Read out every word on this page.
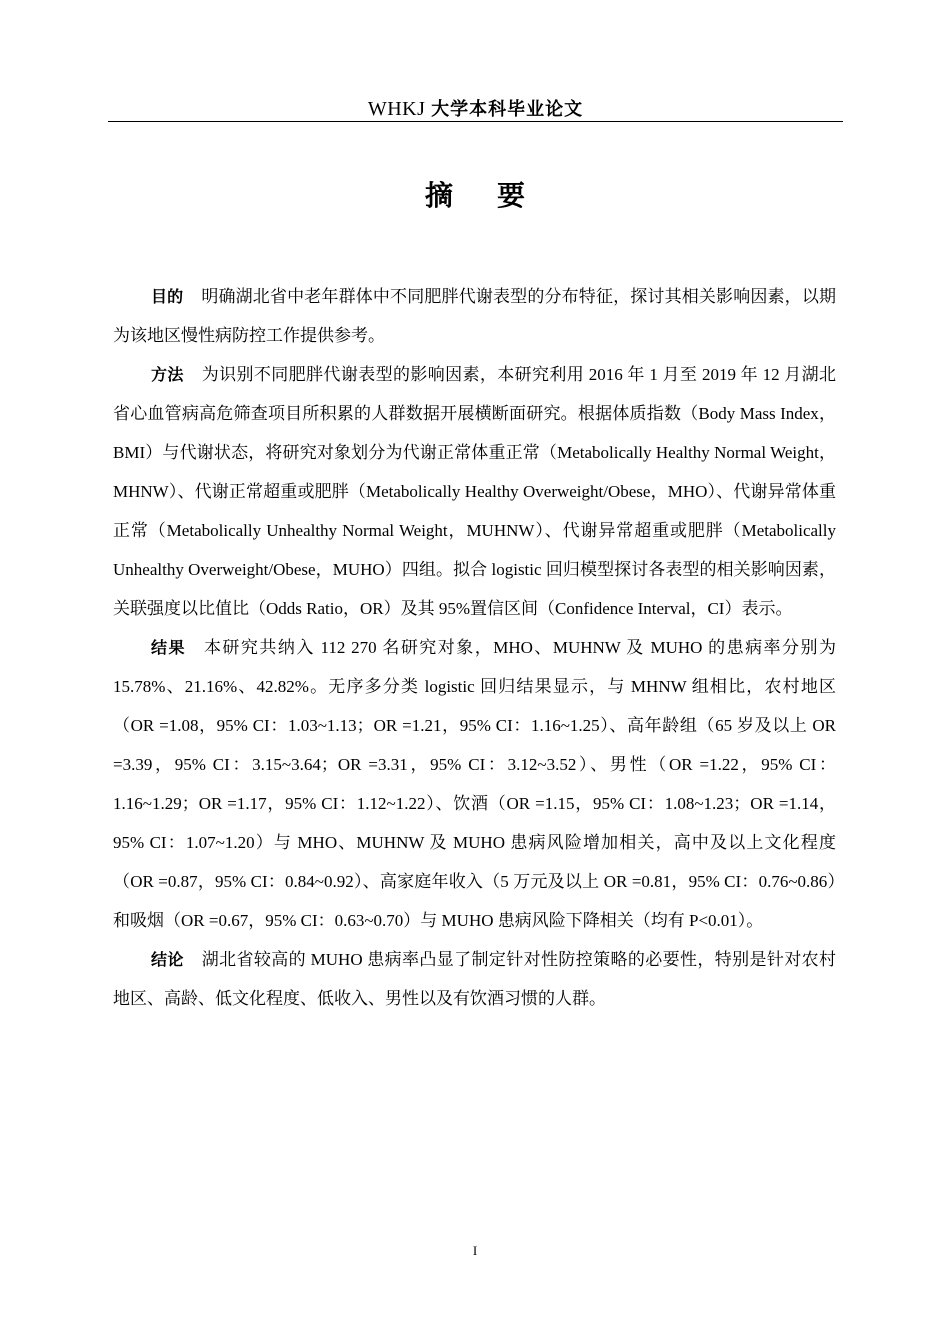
WHKJ 大学本科毕业论文
摘要

目的 明确湖北省中老年群体中不同肥胖代谢表型的分布特征，探讨其相关影响因素，以期为该地区慢性病防控工作提供参考。

方法 为识别不同肥胖代谢表型的影响因素，本研究利用 2016 年 1 月至 2019 年 12 月湖北省心血管病高危筛查项目所积累的人群数据开展横断面研究。根据体质指数（Body Mass Index，BMI）与代谢状态，将研究对象划分为代谢正常体重正常（Metabolically Healthy Normal Weight，MHNW）、代谢正常超重或肥胖（Metabolically Healthy Overweight/Obese，MHO）、代谢异常体重正常（Metabolically Unhealthy Normal Weight，MUHNW）、代谢异常超重或肥胖（Metabolically Unhealthy Overweight/Obese，MUHO）四组。拟合 logistic 回归模型探讨各表型的相关影响因素，关联强度以比值比（Odds Ratio，OR）及其 95%置信区间（Confidence Interval，CI）表示。

结果 本研究共纳入 112 270 名研究对象，MHO、MUHNW 及 MUHO 的患病率分别为 15.78%、21.16%、42.82%。无序多分类 logistic 回归结果显示，与 MHNW 组相比，农村地区（OR =1.08，95% CI：1.03~1.13；OR =1.21，95% CI：1.16~1.25）、高年龄组（65 岁及以上 OR =3.39，95% CI：3.15~3.64；OR =3.31，95% CI：3.12~3.52）、男性（OR =1.22，95% CI：1.16~1.29；OR =1.17，95% CI：1.12~1.22）、饮酒（OR =1.15，95% CI：1.08~1.23；OR =1.14，95% CI：1.07~1.20）与 MHO、MUHNW 及 MUHO 患病风险增加相关，高中及以上文化程度（OR =0.87，95% CI：0.84~0.92）、高家庭年收入（5 万元及以上 OR =0.81，95% CI：0.76~0.86）和吸烟（OR =0.67，95% CI：0.63~0.70）与 MUHO 患病风险下降相关（均有 P<0.01）。

结论 湖北省较高的 MUHO 患病率凸显了制定针对性防控策略的必要性，特别是针对农村地区、高龄、低文化程度、低收入、男性以及有饮酒习惯的人群。

I
